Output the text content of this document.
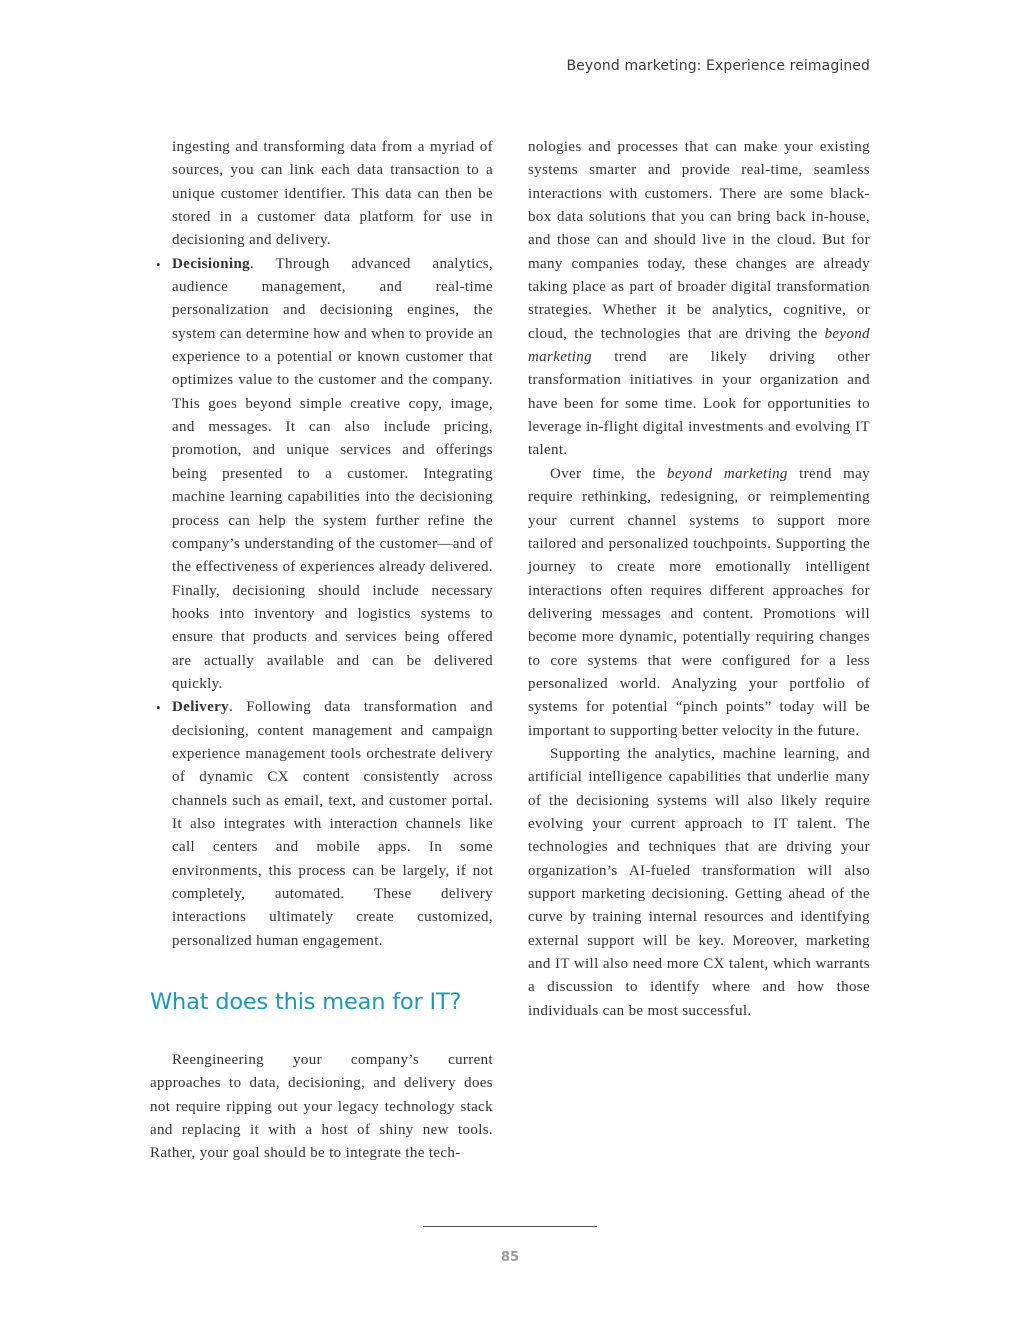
Beyond marketing: Experience reimagined

ingesting and transforming data from a myriad of sources, you can link each data transaction to a unique customer identifier. This data can then be stored in a customer data platform for use in decisioning and delivery.

• Decisioning. Through advanced analytics, audience management, and real-time personalization and decisioning engines, the system can determine how and when to provide an experience to a potential or known customer that optimizes value to the customer and the company. This goes beyond simple creative copy, image, and messages. It can also include pricing, promotion, and unique services and offerings being presented to a customer. Integrating machine learning capabilities into the decisioning process can help the system further refine the company’s understanding of the customer—and of the effectiveness of experiences already delivered. Finally, decisioning should include necessary hooks into inventory and logistics systems to ensure that products and services being offered are actually available and can be delivered quickly.
• Delivery. Following data transformation and decisioning, content management and campaign experience management tools orchestrate delivery of dynamic CX content consistently across channels such as email, text, and customer portal. It also integrates with interaction channels like call centers and mobile apps. In some environments, this process can be largely, if not completely, automated. These delivery interactions ultimately create customized, personalized human engagement.
What does this mean for IT?

Reengineering your company’s current approaches to data, decisioning, and delivery does not require ripping out your legacy technology stack and replacing it with a host of shiny new tools. Rather, your goal should be to integrate the tech-

nologies and processes that can make your existing systems smarter and provide real-time, seamless interactions with customers. There are some black-box data solutions that you can bring back in-house, and those can and should live in the cloud. But for many companies today, these changes are already taking place as part of broader digital transformation strategies. Whether it be analytics, cognitive, or cloud, the technologies that are driving the beyond marketing trend are likely driving other transformation initiatives in your organization and have been for some time. Look for opportunities to leverage in-flight digital investments and evolving IT talent.

Over time, the beyond marketing trend may require rethinking, redesigning, or reimplementing your current channel systems to support more tailored and personalized touchpoints. Supporting the journey to create more emotionally intelligent interactions often requires different approaches for delivering messages and content. Promotions will become more dynamic, potentially requiring changes to core systems that were configured for a less personalized world. Analyzing your portfolio of systems for potential “pinch points” today will be important to supporting better velocity in the future.

Supporting the analytics, machine learning, and artificial intelligence capabilities that underlie many of the decisioning systems will also likely require evolving your current approach to IT talent. The technologies and techniques that are driving your organization’s AI-fueled transformation will also support marketing decisioning. Getting ahead of the curve by training internal resources and identifying external support will be key. Moreover, marketing and IT will also need more CX talent, which warrants a discussion to identify where and how those individuals can be most successful.

85
